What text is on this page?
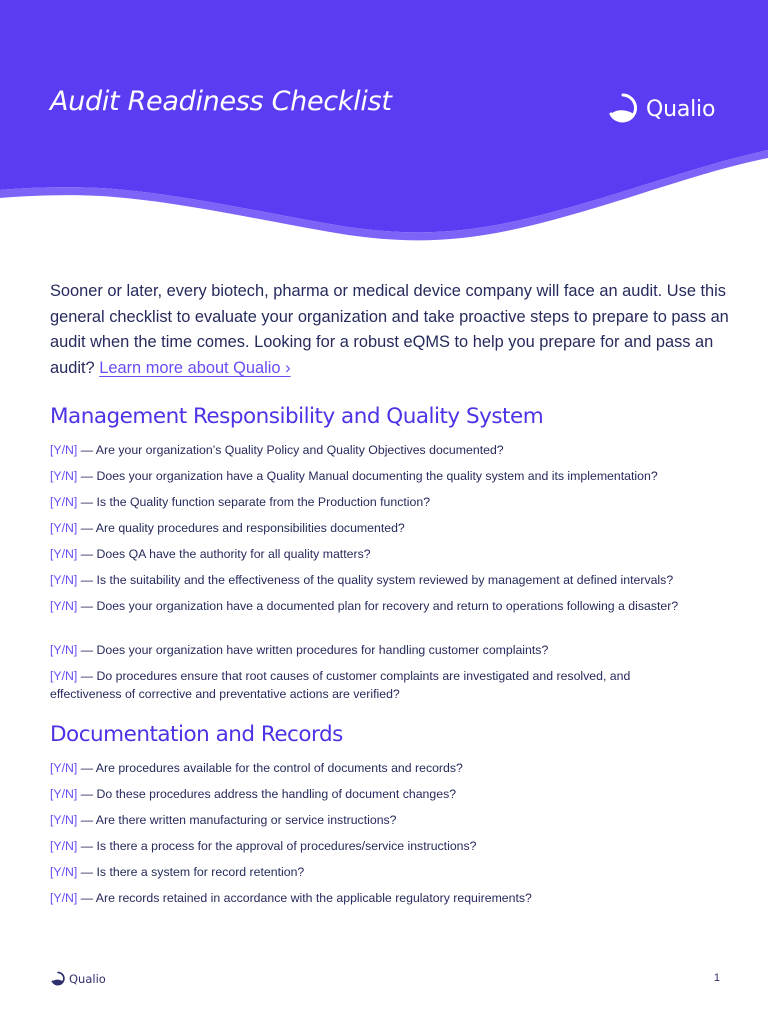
Audit Readiness Checklist	Qualio

Sooner or later, every biotech, pharma or medical device company will face an audit. Use this general checklist to evaluate your organization and take proactive steps to prepare to pass an audit when the time comes. Looking for a robust eQMS to help you prepare for and pass an audit? Learn more about Qualio ›

Management Responsibility and Quality System
[Y/N] — Are your organization’s Quality Policy and Quality Objectives documented?
[Y/N] — Does your organization have a Quality Manual documenting the quality system and its implementation?
[Y/N] — Is the Quality function separate from the Production function?
[Y/N] — Are quality procedures and responsibilities documented?
[Y/N] — Does QA have the authority for all quality matters?
[Y/N] — Is the suitability and the effectiveness of the quality system reviewed by management at defined intervals?
[Y/N] — Does your organization have a documented plan for recovery and return to operations following a disaster?
[Y/N] — Does your organization have written procedures for handling customer complaints?
[Y/N] — Do procedures ensure that root causes of customer complaints are investigated and resolved, and effectiveness of corrective and preventative actions are verified?
Documentation and Records
[Y/N] — Are procedures available for the control of documents and records?
[Y/N] — Do these procedures address the handling of document changes?
[Y/N] — Are there written manufacturing or service instructions?
[Y/N] — Is there a process for the approval of procedures/service instructions?
[Y/N] — Is there a system for record retention?
[Y/N] — Are records retained in accordance with the applicable regulatory requirements?
Qualio	1
